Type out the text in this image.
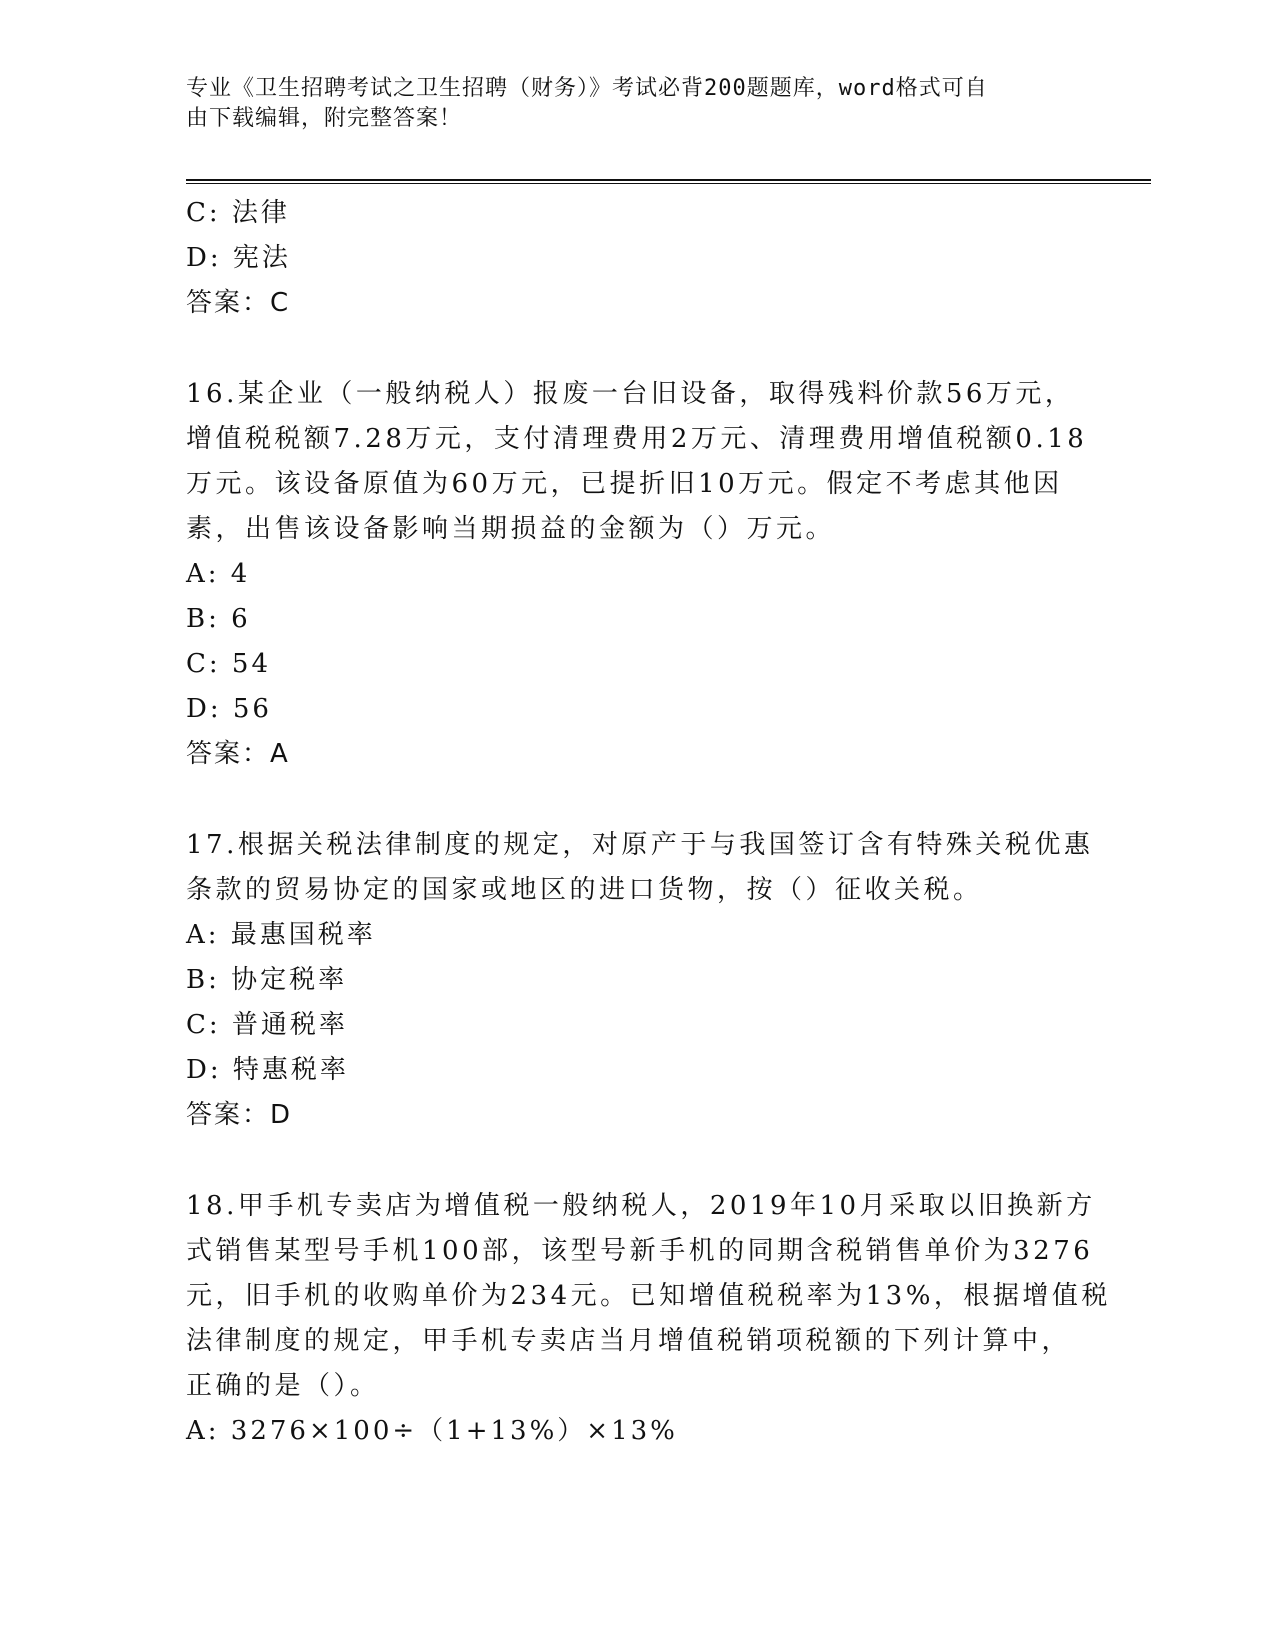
专业《卫生招聘考试之卫生招聘（财务）》考试必背200题题库，word格式可自
由下载编辑，附完整答案！
C: 法律
D: 宪法
答案：C
16.某企业（一般纳税人）报废一台旧设备，取得残料价款56万元，
增值税税额7.28万元，支付清理费用2万元、清理费用增值税额0.18
万元。该设备原值为60万元，已提折旧10万元。假定不考虑其他因
素，出售该设备影响当期损益的金额为（）万元。
A: 4
B: 6
C: 54
D: 56
答案：A
17.根据关税法律制度的规定，对原产于与我国签订含有特殊关税优惠
条款的贸易协定的国家或地区的进口货物，按（）征收关税。
A: 最惠国税率
B: 协定税率
C: 普通税率
D: 特惠税率
答案：D
18.甲手机专卖店为增值税一般纳税人，2019年10月采取以旧换新方
式销售某型号手机100部，该型号新手机的同期含税销售单价为3276
元，旧手机的收购单价为234元。已知增值税税率为13%，根据增值税
法律制度的规定，甲手机专卖店当月增值税销项税额的下列计算中，
正确的是（）。
A: 3276×100÷（1+13%）×13%
